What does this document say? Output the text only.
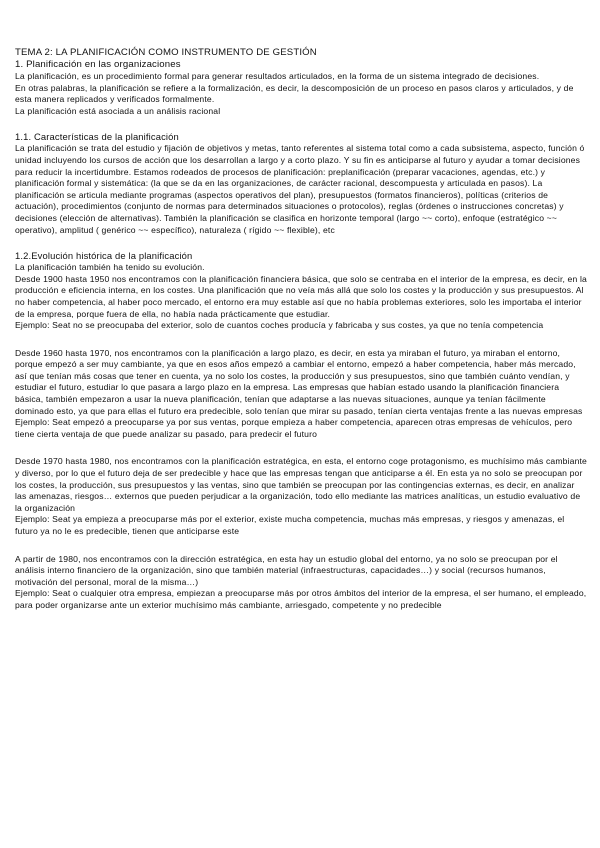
TEMA 2: LA PLANIFICACIÓN COMO INSTRUMENTO DE GESTIÓN

1. Planificación en las organizaciones

La planificación, es un procedimiento formal para generar resultados articulados, en la forma de un sistema integrado de decisiones.

En otras palabras, la planificación se refiere a la formalización, es decir, la descomposición de un proceso en pasos claros y articulados, y de esta manera replicados y verificados formalmente.

La planificación está asociada a un análisis racional

1.1. Características de la planificación

La planificación se trata del estudio y fijación de objetivos y metas, tanto referentes al sistema total como a cada subsistema, aspecto, función ó unidad incluyendo los cursos de acción que los desarrollan a largo y a corto plazo. Y su fin es anticiparse al futuro y ayudar a tomar decisiones para reducir la incertidumbre. Estamos rodeados de procesos de planificación: preplanificación (preparar vacaciones, agendas, etc.) y planificación formal y sistemática: (la que se da en las organizaciones, de carácter racional, descompuesta y articulada en pasos). La planificación se articula mediante programas (aspectos operativos del plan), presupuestos (formatos financieros), políticas (criterios de actuación), procedimientos (conjunto de normas para determinados situaciones o protocolos), reglas (órdenes o instrucciones concretas) y decisiones (elección de alternativas). También la planificación se clasifica en horizonte temporal (largo ~~ corto), enfoque (estratégico ~~ operativo), amplitud ( genérico ~~ específico), naturaleza ( rígido ~~ flexible), etc

1.2.Evolución histórica de la planificación

La planificación también ha tenido su evolución.

Desde 1900 hasta 1950 nos encontramos con la planificación financiera básica, que solo se centraba en el interior de la empresa, es decir, en la producción e eficiencia interna, en los costes. Una planificación que no veía más allá que solo los costes y la producción y sus presupuestos. Al no haber competencia, al haber poco mercado, el entorno era muy estable así que no había problemas exteriores, solo les importaba el interior de la empresa, porque fuera de ella, no había nada prácticamente que estudiar.

Ejemplo: Seat no se preocupaba del exterior, solo de cuantos coches producía y fabricaba y sus costes, ya que no tenía competencia

Desde 1960 hasta 1970, nos encontramos con la planificación a largo plazo, es decir, en esta ya miraban el futuro, ya miraban el entorno, porque empezó a ser muy cambiante, ya que en esos años empezó a cambiar el entorno, empezó a haber competencia, haber más mercado, así que tenían más cosas que tener en cuenta, ya no solo los costes, la producción y sus presupuestos, sino que también cuánto vendían, y estudiar el futuro, estudiar lo que pasara a largo plazo en la empresa. Las empresas que habían estado usando la planificación financiera básica, también empezaron a usar la nueva planificación, tenían que adaptarse a las nuevas situaciones, aunque ya tenían fácilmente dominado esto, ya que para ellas el futuro era predecible, solo tenían que mirar su pasado, tenían cierta ventajas frente a las nuevas empresas

Ejemplo: Seat empezó a preocuparse ya por sus ventas, porque empieza a haber competencia, aparecen otras empresas de vehículos, pero tiene cierta ventaja de que puede analizar su pasado, para predecir el futuro

Desde 1970 hasta 1980, nos encontramos con la planificación estratégica, en esta, el entorno coge protagonismo, es muchísimo más cambiante y diverso, por lo que el futuro deja de ser predecible y hace que las empresas tengan que anticiparse a él. En esta ya no solo se preocupan por los costes, la producción, sus presupuestos y las ventas, sino que también se preocupan por las contingencias externas, es decir, en analizar las amenazas, riesgos… externos que pueden perjudicar a la organización, todo ello mediante las matrices analíticas, un estudio evaluativo de la organización

Ejemplo: Seat ya empieza a preocuparse más por el exterior, existe mucha competencia, muchas más empresas, y riesgos y amenazas, el futuro ya no le es predecible, tienen que anticiparse este

A partir de 1980, nos encontramos con la dirección estratégica, en esta hay un estudio global del entorno, ya no solo se preocupan por el análisis interno financiero de la organización, sino que también material (infraestructuras, capacidades…) y social (recursos humanos, motivación del personal, moral de la misma…)

Ejemplo: Seat o cualquier otra empresa, empiezan a preocuparse más por otros ámbitos del interior de la empresa, el ser humano, el empleado, para poder organizarse ante un exterior muchísimo más cambiante, arriesgado, competente y no predecible
